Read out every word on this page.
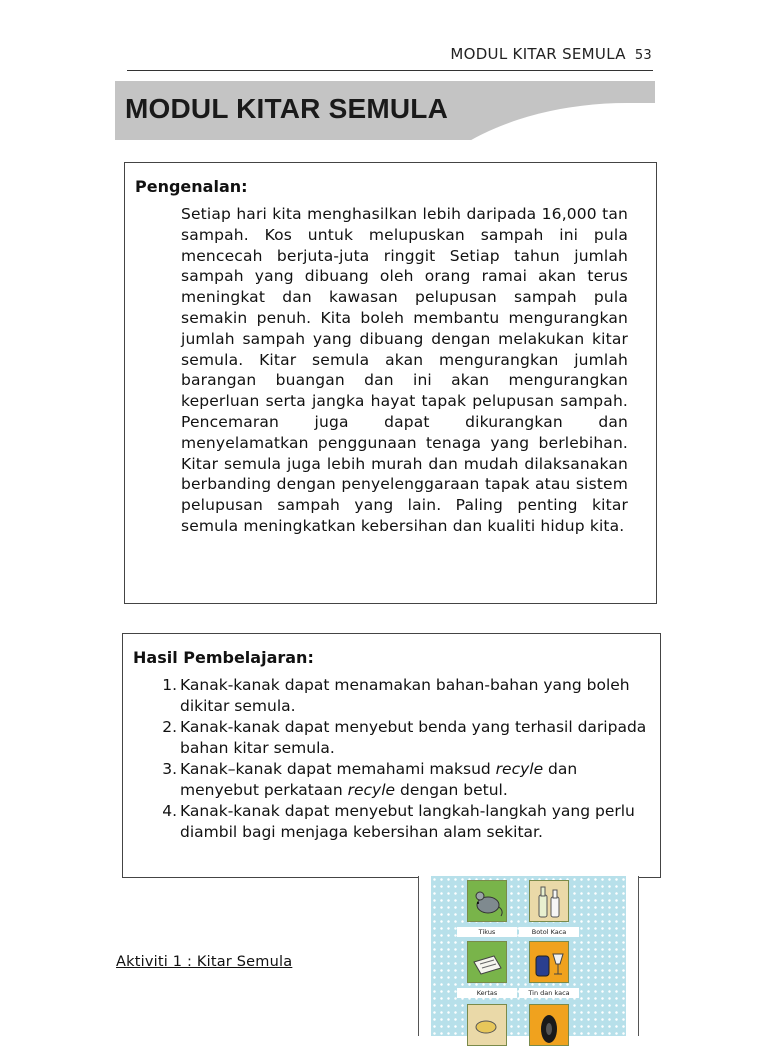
MODUL KITAR SEMULA 53
MODUL KITAR SEMULA
Pengenalan:
Setiap hari kita menghasilkan lebih daripada 16,000 tan sampah. Kos untuk melupuskan sampah ini pula mencecah berjuta-juta ringgit Setiap tahun jumlah sampah yang dibuang oleh orang ramai akan terus meningkat dan kawasan pelupusan sampah pula semakin penuh. Kita boleh membantu mengurangkan jumlah sampah yang dibuang dengan melakukan kitar semula. Kitar semula akan mengurangkan jumlah barangan buangan dan ini akan mengurangkan keperluan serta jangka hayat tapak pelupusan sampah. Pencemaran juga dapat dikurangkan dan menyelamatkan penggunaan tenaga yang berlebihan. Kitar semula juga lebih murah dan mudah dilaksanakan berbanding dengan penyelenggaraan tapak atau sistem pelupusan sampah yang lain. Paling penting kitar semula meningkatkan kebersihan dan kualiti hidup kita.
Hasil Pembelajaran:
1. Kanak-kanak dapat menamakan bahan-bahan yang boleh dikitar semula.
2. Kanak-kanak dapat menyebut benda yang terhasil daripada bahan kitar semula.
3. Kanak–kanak dapat memahami maksud recyle dan menyebut perkataan recyle dengan betul.
4. Kanak-kanak dapat menyebut langkah-langkah yang perlu diambil bagi menjaga kebersihan alam sekitar.
Aktiviti 1 : Kitar Semula
Tikus	Botol Kaca
Kertas	Tin dan kaca
